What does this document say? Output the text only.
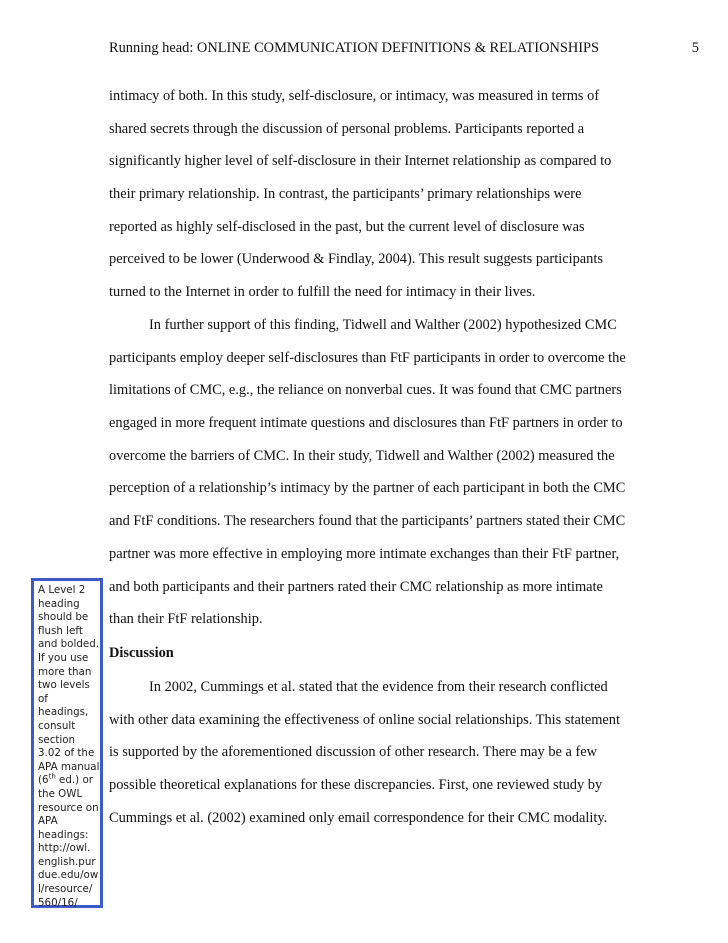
Running head: ONLINE COMMUNICATION DEFINITIONS & RELATIONSHIPS	5
intimacy of both. In this study, self-disclosure, or intimacy, was measured in terms of
shared secrets through the discussion of personal problems. Participants reported a
significantly higher level of self-disclosure in their Internet relationship as compared to
their primary relationship. In contrast, the participants’ primary relationships were
reported as highly self-disclosed in the past, but the current level of disclosure was
perceived to be lower (Underwood & Findlay, 2004). This result suggests participants
turned to the Internet in order to fulfill the need for intimacy in their lives.
In further support of this finding, Tidwell and Walther (2002) hypothesized CMC
participants employ deeper self-disclosures than FtF participants in order to overcome the
limitations of CMC, e.g., the reliance on nonverbal cues. It was found that CMC partners
engaged in more frequent intimate questions and disclosures than FtF partners in order to
overcome the barriers of CMC. In their study, Tidwell and Walther (2002) measured the
perception of a relationship’s intimacy by the partner of each participant in both the CMC
and FtF conditions. The researchers found that the participants’ partners stated their CMC
partner was more effective in employing more intimate exchanges than their FtF partner,
and both participants and their partners rated their CMC relationship as more intimate
than their FtF relationship.
Discussion
In 2002, Cummings et al. stated that the evidence from their research conflicted
with other data examining the effectiveness of online social relationships. This statement
is supported by the aforementioned discussion of other research. There may be a few
possible theoretical explanations for these discrepancies. First, one reviewed study by
Cummings et al. (2002) examined only email correspondence for their CMC modality.
A Level 2
heading
should be
flush left
and bolded.
If you use
more than
two levels
of
headings,
consult
section
3.02 of the
APA manual
(6th ed.) or
the OWL
resource on
APA
headings:
http://owl.
english.pur
due.edu/ow
l/resource/
560/16/
